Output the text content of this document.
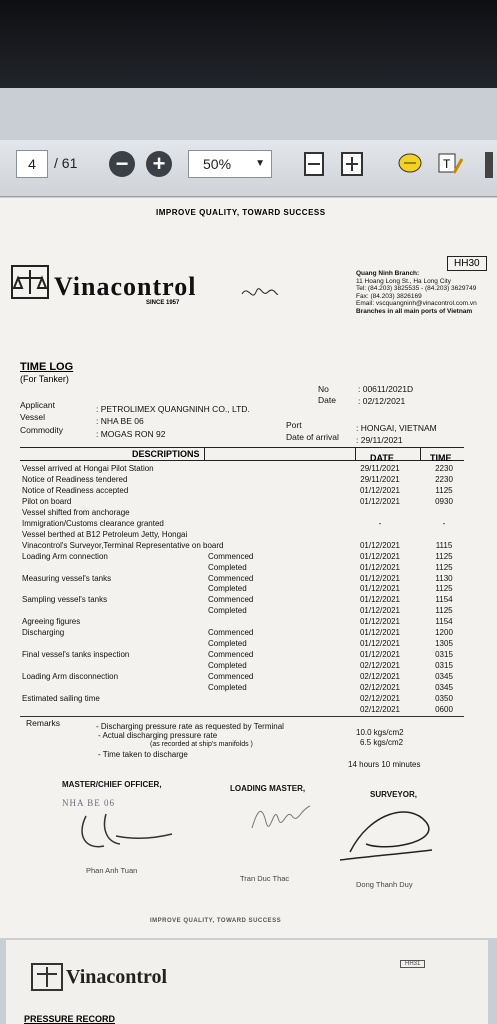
4	/ 61 − +	50% ▼	T
IMPROVE QUALITY, TOWARD SUCCESS
HH30
Vinacontrol
SINCE 1957
Quang Ninh Branch:
11 Hoang Long St., Ha Long City
Tel: (84.203) 3825535 - (84.203) 3629749
Fax: (84.203) 3826169
Email: vscquangninh@vinacontrol.com.vn
Branches in all main ports of Vietnam
TIME LOG
(For Tanker)
No	: 00611/2021D
Date	: 02/12/2021
Applicant	: PETROLIMEX QUANGNINH CO., LTD.
Vessel	: NHA BE 06
Commodity	: MOGAS RON 92
Port	: HONGAI, VIETNAM
Date of arrival : 29/11/2021
DESCRIPTIONS	DATE	TIME
Vessel arrived at Hongai Pilot Station	29/11/2021	2230
Notice of Readiness tendered	29/11/2021	2230
Notice of Readiness accepted	01/12/2021	1125
Pilot on board	01/12/2021	0930
Vessel shifted from anchorage
Immigration/Customs clearance granted	-	-
Vessel berthed at B12 Petroleum Jetty, Hongai
Vinacontrol's Surveyor,Terminal Representative on board	01/12/2021	1115
Loading Arm connection	Commenced	01/12/2021	1125
Completed	01/12/2021	1125
Measuring vessel's tanks	Commenced	01/12/2021	1130
Completed	01/12/2021	1125
Sampling vessel's tanks	Commenced	01/12/2021	1154
Completed	01/12/2021	1125
Agreeing figures	01/12/2021	1154
Discharging	Commenced	01/12/2021	1200
Completed	01/12/2021	1305
Final vessel's tanks inspection	Commenced	01/12/2021	0315
Completed	02/12/2021	0315
Loading Arm disconnection	Commenced	02/12/2021	0345
Completed	02/12/2021	0345
Estimated sailing time	02/12/2021	0350
02/12/2021	0600
Remarks	- Discharging pressure rate as requested by Terminal
- Actual discharging pressure rate
(as recorded at ship's manifolds )
- Time taken to discharge
10.0 kgs/cm2
6.5 kgs/cm2
14 hours 10 minutes
MASTER/CHIEF OFFICER,	LOADING MASTER,
SURVEYOR,
NHA BE 06
Phan Anh Tuan
Tran Duc Thac
Dong Thanh Duy
IMPROVE QUALITY, TOWARD SUCCESS
Vinacontrol
HH31
PRESSURE RECORD
